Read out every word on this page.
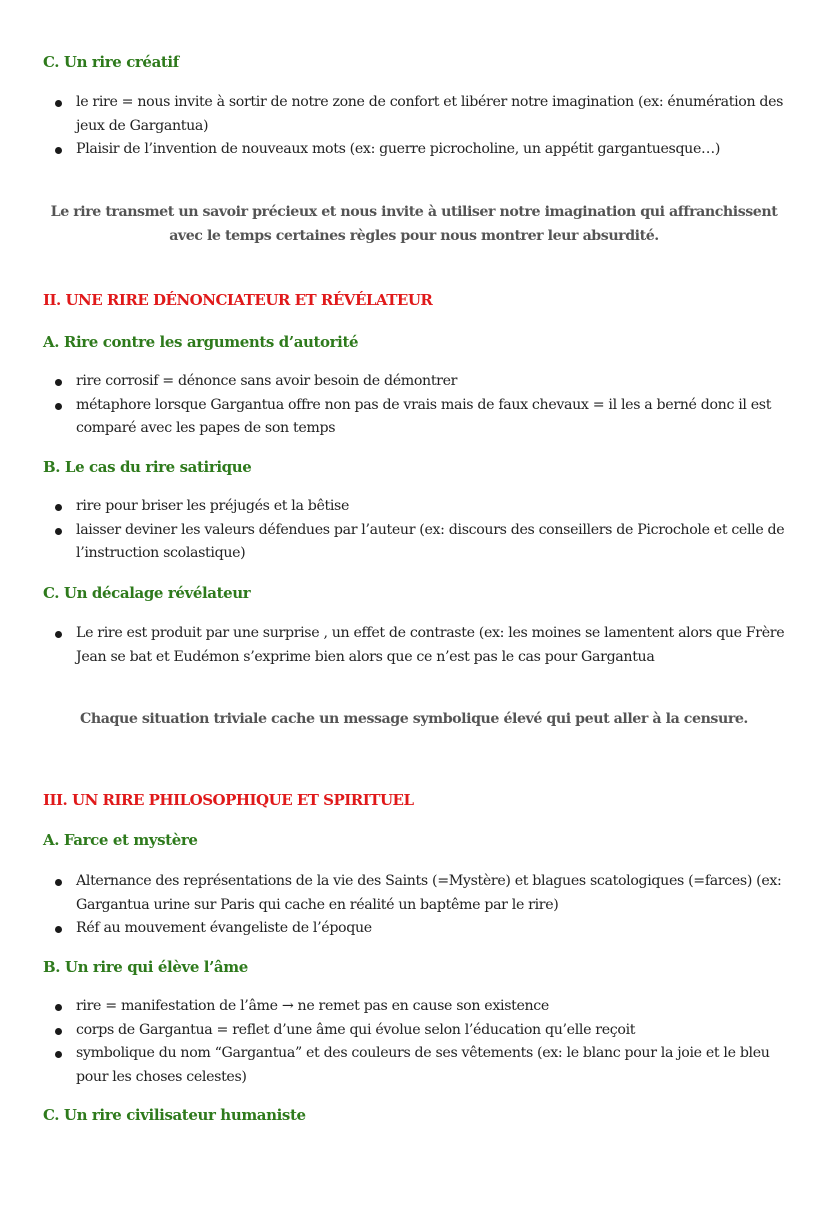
C. Un rire créatif
le rire = nous invite à sortir de notre zone de confort et libérer notre imagination (ex: énumération des jeux de Gargantua)
Plaisir de l’invention de nouveaux mots (ex: guerre picrocholine, un appétit gargantuesque…)
Le rire transmet un savoir précieux et nous invite à utiliser notre imagination qui affranchissent avec le temps certaines règles pour nous montrer leur absurdité.
II. UNE RIRE DÉNONCIATEUR ET RÉVÉLATEUR
A. Rire contre les arguments d’autorité
rire corrosif = dénonce sans avoir besoin de démontrer
métaphore lorsque Gargantua offre non pas de vrais mais de faux chevaux = il les a berné donc il est comparé avec les papes de son temps
B. Le cas du rire satirique
rire pour briser les préjugés et la bêtise
laisser deviner les valeurs défendues par l’auteur (ex: discours des conseillers de Picrochole et celle de l’instruction scolastique)
C. Un décalage révélateur
Le rire est produit par une surprise , un effet de contraste (ex: les moines se lamentent alors que Frère Jean se bat et Eudémon s’exprime bien alors que ce n’est pas le cas pour Gargantua
Chaque situation triviale cache un message symbolique élevé qui peut aller à la censure.
III. UN RIRE PHILOSOPHIQUE ET SPIRITUEL
A. Farce et mystère
Alternance des représentations de la vie des Saints (=Mystère) et blagues scatologiques (=farces) (ex: Gargantua urine sur Paris qui cache en réalité un baptême par le rire)
Réf au mouvement évangeliste de l’époque
B. Un rire qui élève l’âme
rire = manifestation de l’âme → ne remet pas en cause son existence
corps de Gargantua = reflet d’une âme qui évolue selon l’éducation qu’elle reçoit
symbolique du nom “Gargantua” et des couleurs de ses vêtements (ex: le blanc pour la joie et le bleu pour les choses celestes)
C. Un rire civilisateur humaniste
